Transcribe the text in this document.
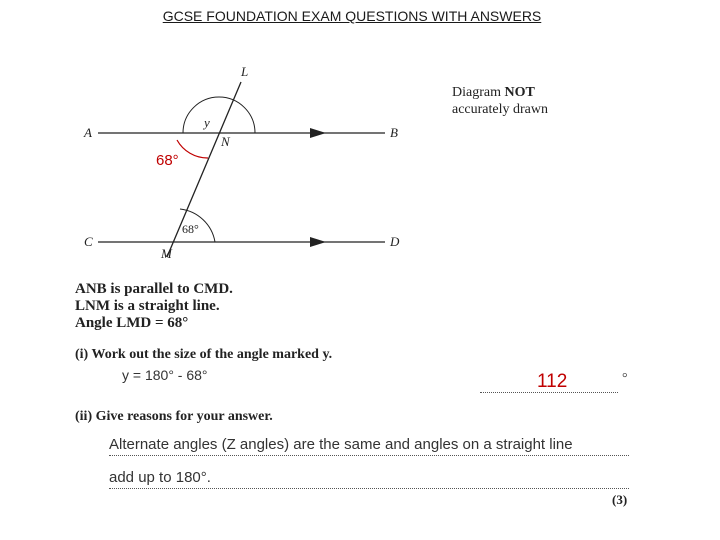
GCSE FOUNDATION EXAM QUESTIONS WITH ANSWERS
L
A	B
N
y
C	D
M
68°
68°
Diagram NOT
accurately drawn
ANB is parallel to CMD.
LNM is a straight line.
Angle LMD = 68°
(i) Work out the size of the angle marked y.
y = 180° - 68°	112	°
(ii) Give reasons for your answer.
Alternate angles (Z angles) are the same and angles on a straight line
add up to 180°.
(3)
